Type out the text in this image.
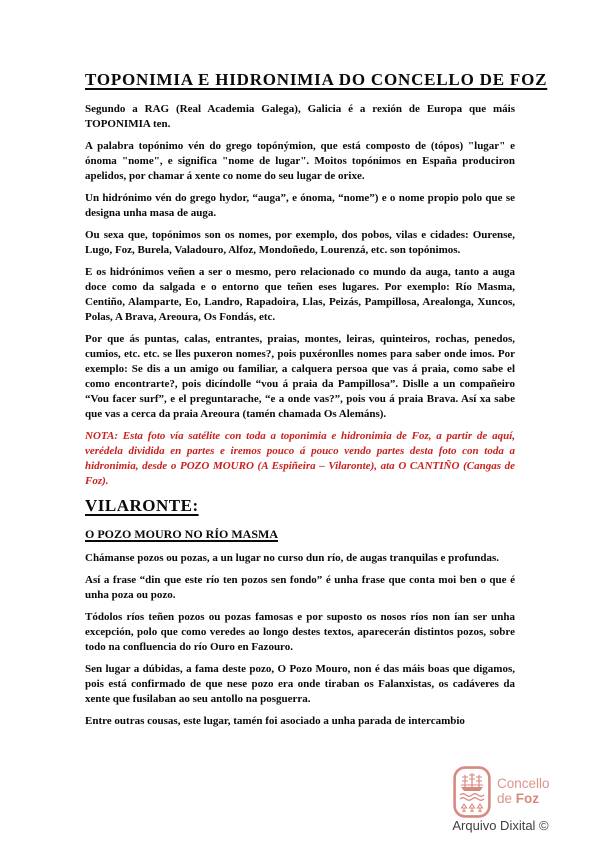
TOPONIMIA E HIDRONIMIA DO CONCELLO DE FOZ

Segundo a RAG (Real Academia Galega), Galicia é a rexión de Europa que máis TOPONIMIA ten.

A palabra topónimo vén do grego topónýmion, que está composto de (tópos) "lugar" e ónoma "nome", e significa "nome de lugar". Moitos topónimos en España produciron apelidos, por chamar á xente co nome do seu lugar de orixe.

Un hidrónimo vén do grego hydor, “auga”, e ónoma, “nome”) e o nome propio polo que se designa unha masa de auga.

Ou sexa que, topónimos son os nomes, por exemplo, dos pobos, vilas e cidades: Ourense, Lugo, Foz, Burela, Valadouro, Alfoz, Mondoñedo, Lourenzá, etc. son topónimos.

E os hidrónimos veñen a ser o mesmo, pero relacionado co mundo da auga, tanto a auga doce como da salgada e o entorno que teñen eses lugares. Por exemplo: Río Masma, Centiño, Alamparte, Eo, Landro, Rapadoira, Llas, Peizás, Pampillosa, Arealonga, Xuncos, Polas, A Brava, Areoura, Os Fondás, etc.

Por que ás puntas, calas, entrantes, praias, montes, leiras, quinteiros, rochas, penedos, cumios, etc. etc. se lles puxeron nomes?, pois puxéronlles nomes para saber onde imos. Por exemplo: Se dis a un amigo ou familiar, a calquera persoa que vas á praia, como sabe el como encontrarte?, pois dicíndolle “vou á praia da Pampillosa”. Dislle a un compañeiro “Vou facer surf”, e el preguntarache, “e a onde vas?”, pois vou á praia Brava. Así xa sabe que vas a cerca da praia Areoura (tamén chamada Os Alemáns).

NOTA: Esta foto vía satélite con toda a toponimia e hidronimia de Foz, a partir de aquí, verédela dividida en partes e iremos pouco á pouco vendo partes desta foto con toda a hidronimia, desde o POZO MOURO (A Espiñeira – Vilaronte), ata O CANTIÑO (Cangas de Foz).

VILARONTE:
O POZO MOURO NO RÍO MASMA

Chámanse pozos ou pozas, a un lugar no curso dun río, de augas tranquilas e profundas.

Así a frase “din que este río ten pozos sen fondo” é unha frase que conta moi ben o que é unha poza ou pozo.

Tódolos ríos teñen pozos ou pozas famosas e por suposto os nosos ríos non ían ser unha excepción, polo que como veredes ao longo destes textos, aparecerán distintos pozos, sobre todo na confluencia do río Ouro en Fazouro.

Sen lugar a dúbidas, a fama deste pozo, O Pozo Mouro, non é das máis boas que digamos, pois está confirmado de que nese pozo era onde tiraban os Falanxistas, os cadáveres da xente que fusilaban ao seu antollo na posguerra.

Entre outras cousas, este lugar, tamén foi asociado a unha parada de intercambio

Concello
de Foz
Arquivo Dixital ©
